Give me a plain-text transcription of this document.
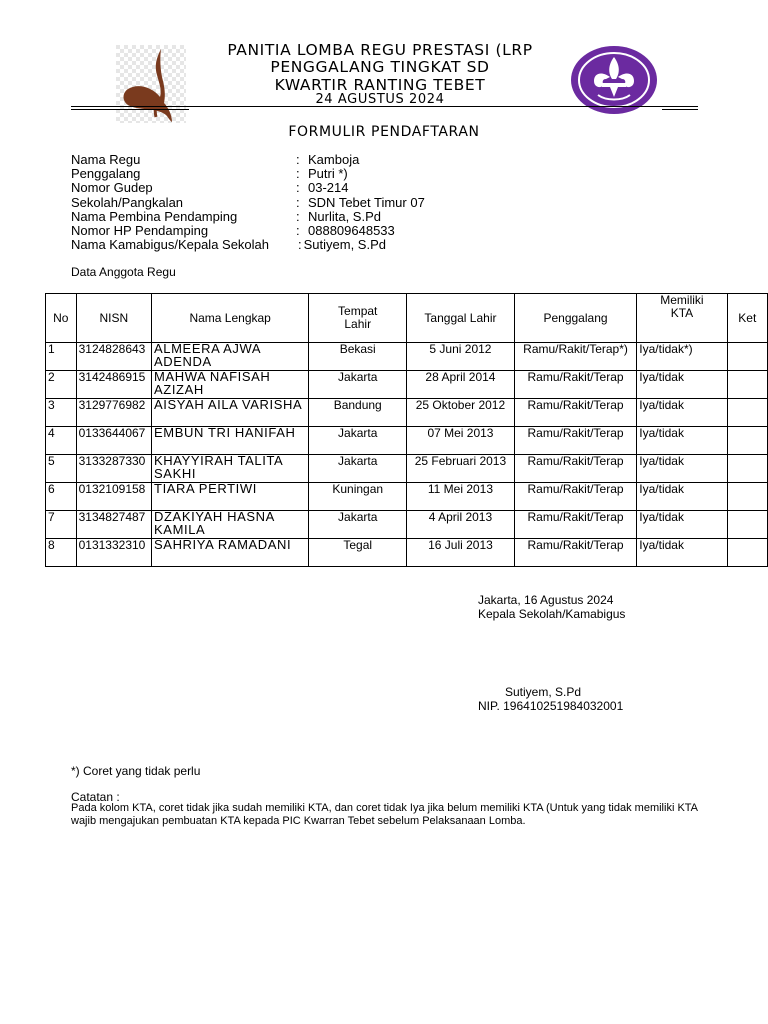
PANITIA LOMBA REGU PRESTASI (LRP
PENGGALANG TINGKAT SD
KWARTIR RANTING TEBET
24 AGUSTUS 2024
FORMULIR PENDAFTARAN
Nama Regu	: Kamboja
Penggalang	: Putri *)
Nomor Gudep	: 03-214
Sekolah/Pangkalan	: SDN Tebet Timur 07
Nama Pembina Pendamping	: Nurlita, S.Pd
Nomor HP Pendamping	: 088809648533
Nama Kamabigus/Kepala Sekolah	: Sutiyem, S.Pd
Data Anggota Regu
No	NISN	Nama Lengkap	Tempat Lahir	Tanggal Lahir	Penggalang	Memiliki KTA	Ket
1	3124828643	ALMEERA AJWA ADENDA	Bekasi	5 Juni 2012	Ramu/Rakit/Terap*)	Iya/tidak*)	
2	3142486915	MAHWA NAFISAH AZIZAH	Jakarta	28 April 2014	Ramu/Rakit/Terap	Iya/tidak	
3	3129776982	AISYAH AILA VARISHA	Bandung	25 Oktober 2012	Ramu/Rakit/Terap	Iya/tidak	
4	0133644067	EMBUN TRI HANIFAH	Jakarta	07 Mei 2013	Ramu/Rakit/Terap	Iya/tidak	
5	3133287330	KHAYYIRAH TALITA SAKHI	Jakarta	25 Februari 2013	Ramu/Rakit/Terap	Iya/tidak	
6	0132109158	TIARA PERTIWI	Kuningan	11 Mei 2013	Ramu/Rakit/Terap	Iya/tidak	
7	3134827487	DZAKIYAH HASNA KAMILA	Jakarta	4 April 2013	Ramu/Rakit/Terap	Iya/tidak	
8	0131332310	SAHRIYA RAMADANI	Tegal	16 Juli 2013	Ramu/Rakit/Terap	Iya/tidak	
Jakarta, 16 Agustus 2024
Kepala Sekolah/Kamabigus
Sutiyem, S.Pd
NIP. 196410251984032001
*) Coret yang tidak perlu
Catatan :
Pada kolom KTA, coret tidak jika sudah memiliki KTA, dan coret tidak Iya jika belum memiliki KTA (Untuk yang tidak memiliki KTA wajib mengajukan pembuatan KTA kepada PIC Kwarran Tebet sebelum Pelaksanaan Lomba.
